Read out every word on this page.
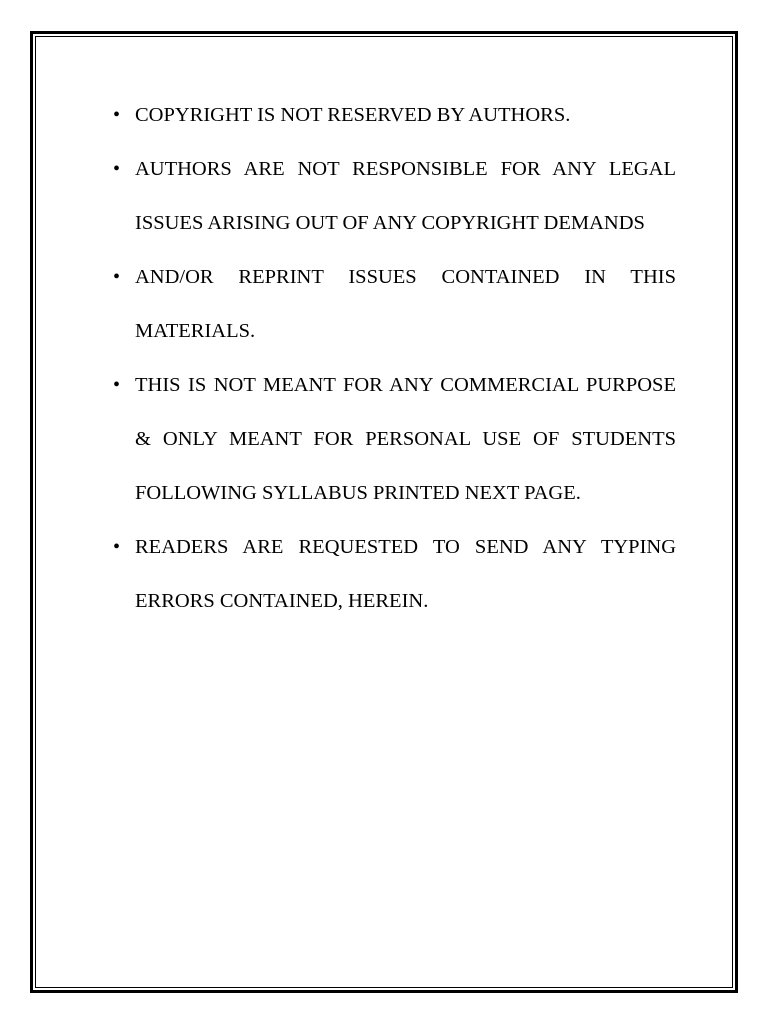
• COPYRIGHT IS NOT RESERVED BY AUTHORS.
• AUTHORS ARE NOT RESPONSIBLE FOR ANY LEGAL ISSUES ARISING OUT OF ANY COPYRIGHT DEMANDS
• AND/OR REPRINT ISSUES CONTAINED IN THIS MATERIALS.
• THIS IS NOT MEANT FOR ANY COMMERCIAL PURPOSE & ONLY MEANT FOR PERSONAL USE OF STUDENTS FOLLOWING SYLLABUS PRINTED NEXT PAGE.
• READERS ARE REQUESTED TO SEND ANY TYPING ERRORS CONTAINED, HEREIN.
